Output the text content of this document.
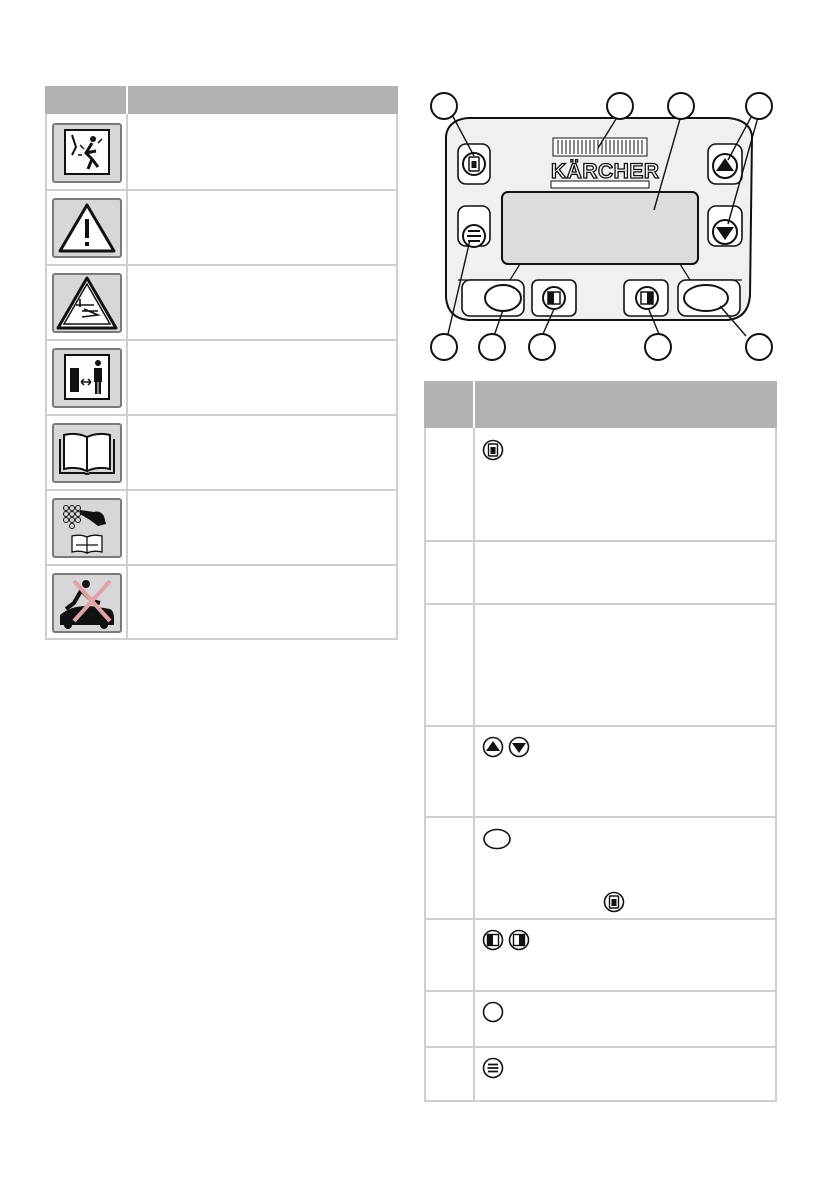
KÄRCHER
